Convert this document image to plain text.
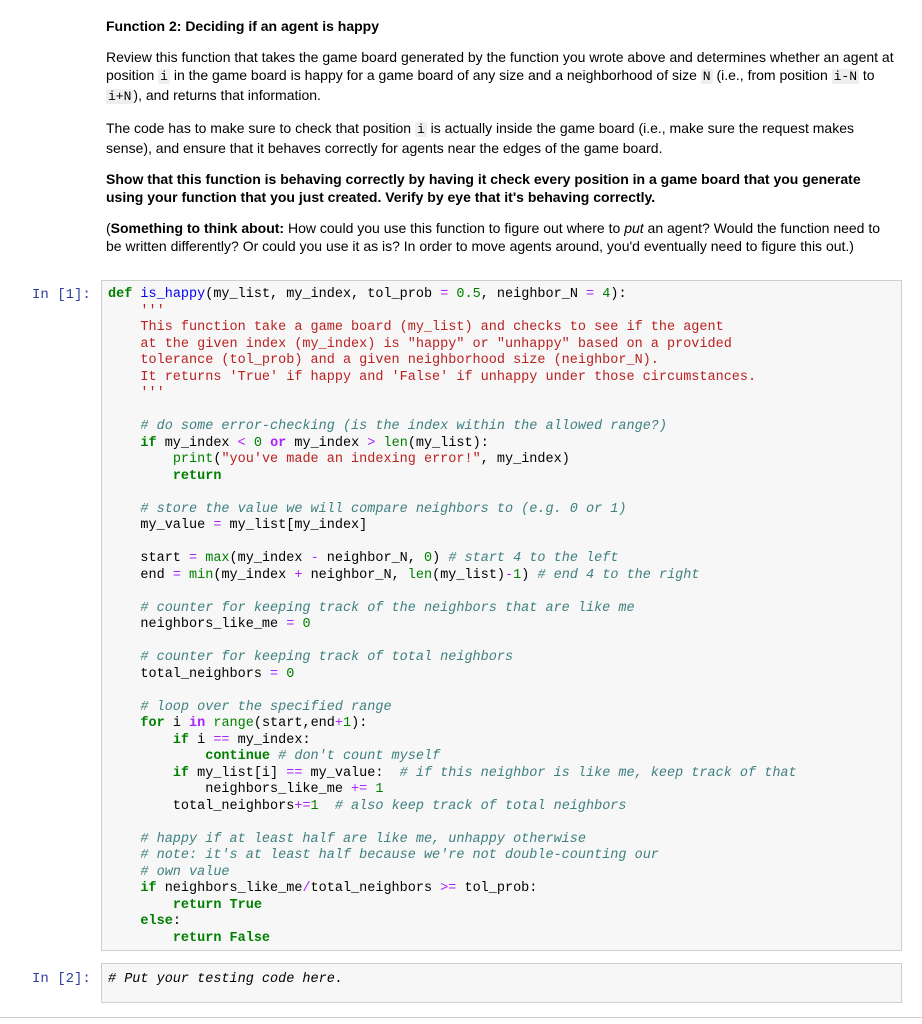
Function 2: Deciding if an agent is happy

Review this function that takes the game board generated by the function you wrote above and determines whether an agent at position i in the game board is happy for a game board of any size and a neighborhood of size N (i.e., from position i-N to i+N ), and returns that information.

The code has to make sure to check that position i is actually inside the game board (i.e., make sure the request makes sense), and ensure that it behaves correctly for agents near the edges of the game board.

Show that this function is behaving correctly by having it check every position in a game board that you generate using your function that you just created. Verify by eye that it's behaving correctly.

(Something to think about: How could you use this function to figure out where to put an agent? Would the function need to be written differently? Or could you use it as is? In order to move agents around, you'd eventually need to figure this out.)

In [1]:	def is_happy(my_list, my_index, tol_prob = 0.5, neighbor_N = 4):
'''
This function take a game board (my_list) and checks to see if the agent
at the given index (my_index) is "happy" or "unhappy" based on a provided
tolerance (tol_prob) and a given neighborhood size (neighbor_N).
It returns 'True' if happy and 'False' if unhappy under those circumstances.
'''

# do some error-checking (is the index within the allowed range?)
if my_index < 0 or my_index > len(my_list):
print("you've made an indexing error!", my_index)
return

# store the value we will compare neighbors to (e.g. 0 or 1)
my_value = my_list[my_index]

start = max(my_index - neighbor_N, 0) # start 4 to the left
end = min(my_index + neighbor_N, len(my_list)-1) # end 4 to the right

# counter for keeping track of the neighbors that are like me
neighbors_like_me = 0

# counter for keeping track of total neighbors
total_neighbors = 0

# loop over the specified range
for i in range(start,end+1):
if i == my_index:
continue # don't count myself
if my_list[i] == my_value:  # if this neighbor is like me, keep track of that
neighbors_like_me += 1
total_neighbors+=1 # also keep track of total neighbors

# happy if at least half are like me, unhappy otherwise
# note: it's at least half because we're not double-counting our
# own value
if neighbors_like_me/total_neighbors >= tol_prob:
return True
else:
return False
In [2]:	# Put your testing code here.
